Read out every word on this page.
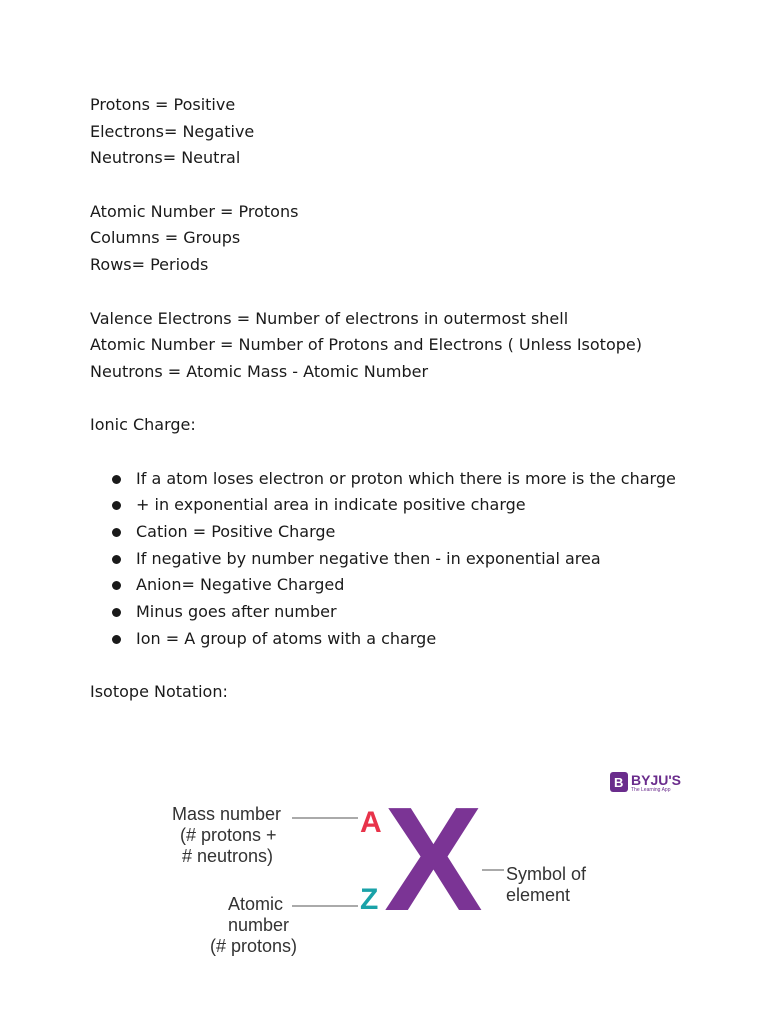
Protons = Positive
Electrons= Negative
Neutrons= Neutral
Atomic Number = Protons
Columns = Groups
Rows= Periods
Valence Electrons = Number of electrons in outermost shell
Atomic Number = Number of Protons and Electrons ( Unless Isotope)
Neutrons = Atomic Mass - Atomic Number
Ionic Charge:
If a atom loses electron or proton which there is more is the charge
+ in exponential area in indicate positive charge
Cation = Positive Charge
If negative by number negative then - in exponential area
Anion= Negative Charged
Minus goes after number
Ion = A group of atoms with a charge
Isotope Notation:
B BYJU'S
The Learning App
Mass number
(# protons +
# neutrons)
Atomic
number
(# protons)
A
Z X Symbol of
element
